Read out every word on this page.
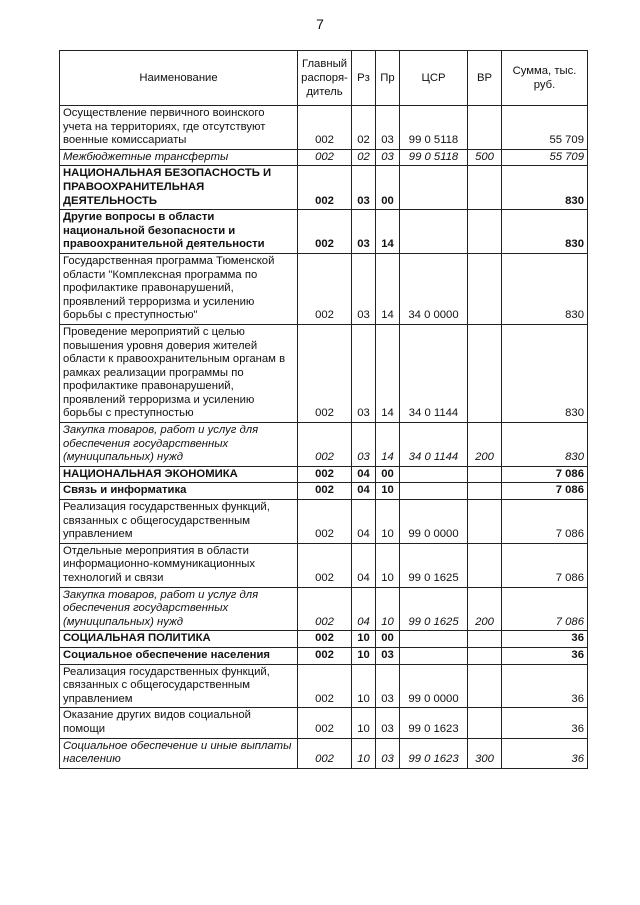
7
Наименование	Главный распоря-дитель	Рз	Пр	ЦСР	ВР	Сумма, тыс. руб.
Осуществление первичного воинского учета на территориях, где отсутствуют военные комиссариаты	002	02	03	99 0 5118		55 709
Межбюджетные трансферты	002	02	03	99 0 5118	500	55 709
НАЦИОНАЛЬНАЯ БЕЗОПАСНОСТЬ И ПРАВООХРАНИТЕЛЬНАЯ ДЕЯТЕЛЬНОСТЬ	002	03	00			830
Другие вопросы в области национальной безопасности и правоохранительной деятельности	002	03	14			830
Государственная программа Тюменской области "Комплексная программа по профилактике правонарушений, проявлений терроризма и усилению борьбы с преступностью"	002	03	14	34 0 0000		830
Проведение мероприятий с целью повышения уровня доверия жителей области к правоохранительным органам в рамках реализации программы по профилактике правонарушений, проявлений терроризма и усилению борьбы с преступностью	002	03	14	34 0 1144		830
Закупка товаров, работ и услуг для обеспечения государственных (муниципальных) нужд	002	03	14	34 0 1144	200	830
НАЦИОНАЛЬНАЯ ЭКОНОМИКА	002	04	00			7 086
Связь и информатика	002	04	10			7 086
Реализация государственных функций, связанных с общегосударственным управлением	002	04	10	99 0 0000		7 086
Отдельные мероприятия в области информационно-коммуникационных технологий и связи	002	04	10	99 0 1625		7 086
Закупка товаров, работ и услуг для обеспечения государственных (муниципальных) нужд	002	04	10	99 0 1625	200	7 086
СОЦИАЛЬНАЯ ПОЛИТИКА	002	10	00			36
Социальное обеспечение населения	002	10	03			36
Реализация государственных функций, связанных с общегосударственным управлением	002	10	03	99 0 0000		36
Оказание других видов социальной помощи	002	10	03	99 0 1623		36
Социальное обеспечение и иные выплаты населению	002	10	03	99 0 1623	300	36
